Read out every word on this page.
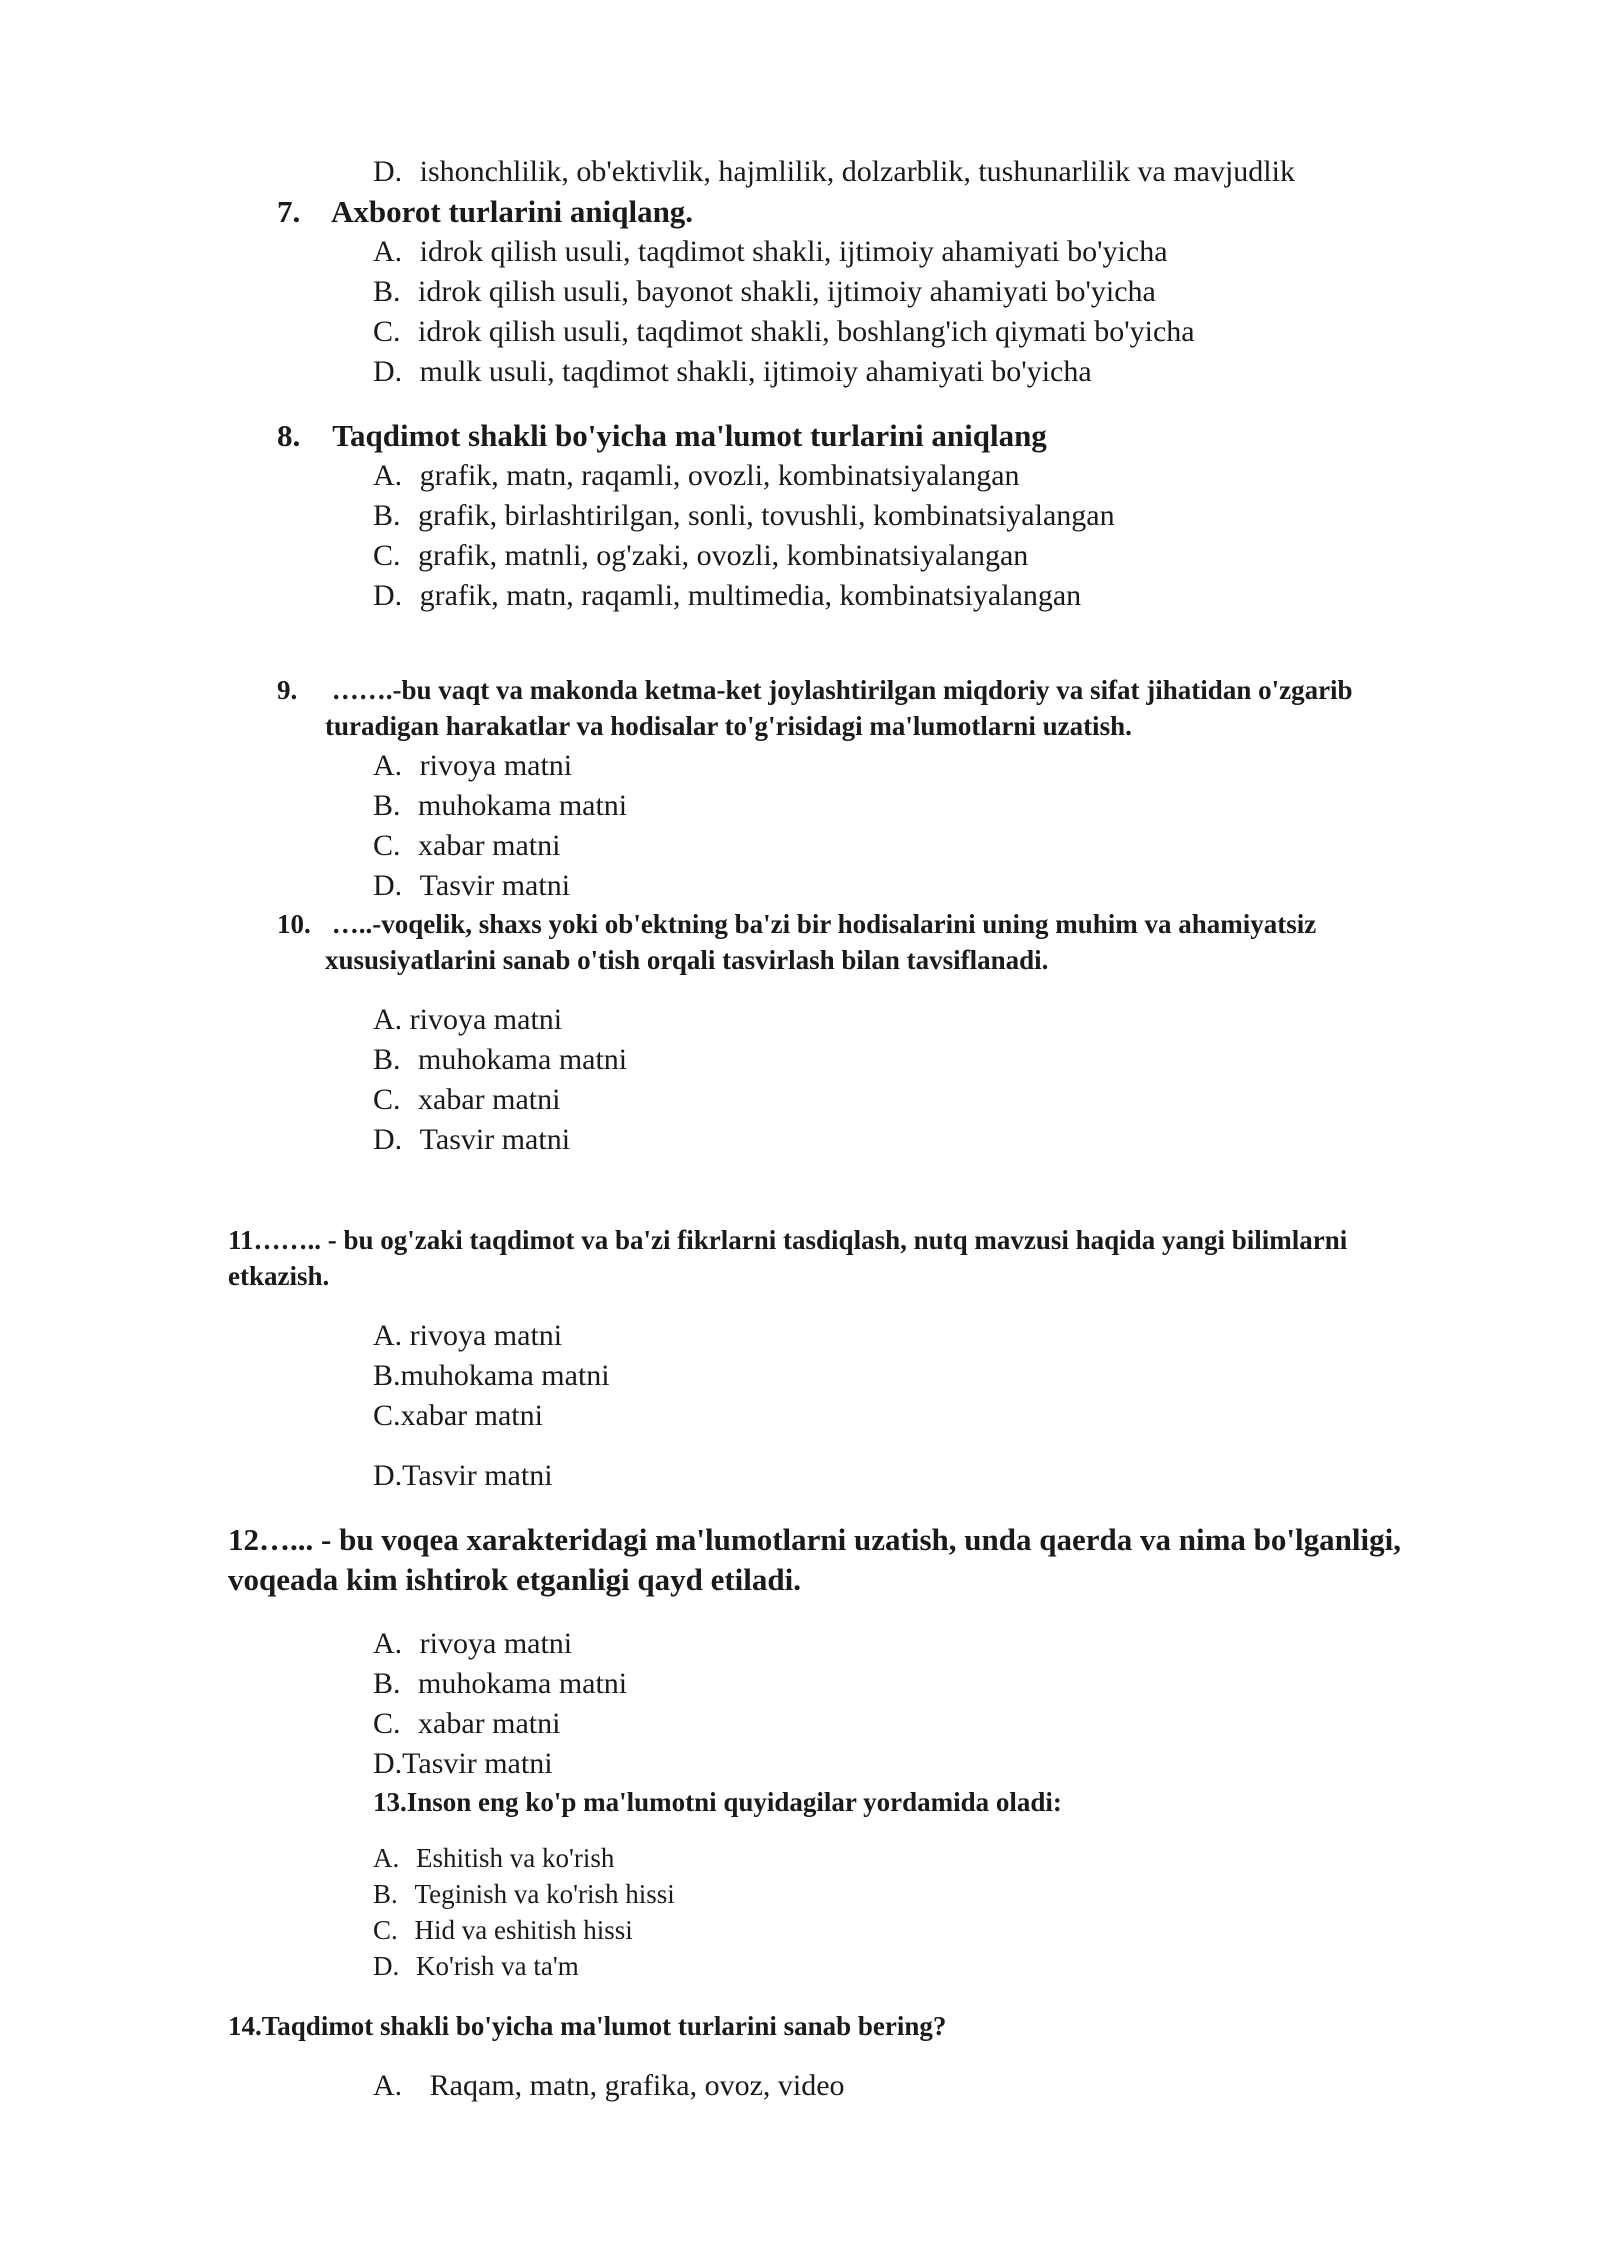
D. ishonchlilik, ob'ektivlik, hajmlilik, dolzarblik, tushunarlilik va mavjudlik
7. Axborot turlarini aniqlang.
A. idrok qilish usuli, taqdimot shakli, ijtimoiy ahamiyati bo'yicha
B. idrok qilish usuli, bayonot shakli, ijtimoiy ahamiyati bo'yicha
C. idrok qilish usuli, taqdimot shakli, boshlang'ich qiymati bo'yicha
D. mulk usuli, taqdimot shakli, ijtimoiy ahamiyati bo'yicha
8. Taqdimot shakli bo'yicha ma'lumot turlarini aniqlang
A. grafik, matn, raqamli, ovozli, kombinatsiyalangan
B. grafik, birlashtirilgan, sonli, tovushli, kombinatsiyalangan
C. grafik, matnli, og'zaki, ovozli, kombinatsiyalangan
D. grafik, matn, raqamli, multimedia, kombinatsiyalangan
9. …….-bu vaqt va makonda ketma-ket joylashtirilgan miqdoriy va sifat jihatidan o'zgarib
turadigan harakatlar va hodisalar to'g'risidagi ma'lumotlarni uzatish.
A. rivoya matni
B. muhokama matni
C. xabar matni
D. Tasvir matni
10. …..-voqelik, shaxs yoki ob'ektning ba'zi bir hodisalarini uning muhim va ahamiyatsiz
xususiyatlarini sanab o'tish orqali tasvirlash bilan tavsiflanadi.
A. rivoya matni
B. muhokama matni
C. xabar matni
D. Tasvir matni
11…….. - bu og'zaki taqdimot va ba'zi fikrlarni tasdiqlash, nutq mavzusi haqida yangi bilimlarni
etkazish.
A. rivoya matni
B.muhokama matni
C.xabar matni
D.Tasvir matni
12…... - bu voqea xarakteridagi ma'lumotlarni uzatish, unda qaerda va nima bo'lganligi,
voqeada kim ishtirok etganligi qayd etiladi.
A. rivoya matni
B. muhokama matni
C. xabar matni
D.Tasvir matni
13.Inson eng ko'p ma'lumotni quyidagilar yordamida oladi:
A. Eshitish va ko'rish
B. Teginish va ko'rish hissi
C. Hid va eshitish hissi
D. Ko'rish va ta'm
14.Taqdimot shakli bo'yicha ma'lumot turlarini sanab bering?
A. Raqam, matn, grafika, ovoz, video
